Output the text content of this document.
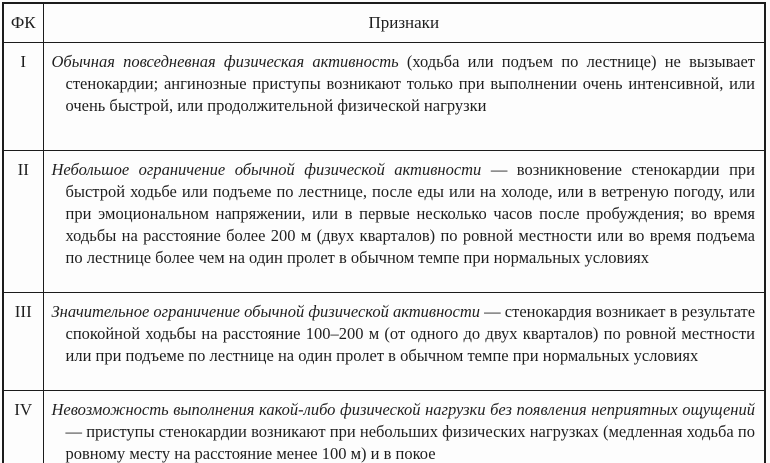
ФК	Признаки
I	Обычная повседневная физическая активность (ходьба или подъем по лестнице) не вызывает стенокардии; ангинозные приступы возникают только при выполнении очень интенсивной, или очень быстрой, или продолжительной физической нагрузки

II	Небольшое ограничение обычной физической активности — возникновение стенокардии при быстрой ходьбе или подъеме по лестнице, после еды или на холоде, или в ветреную погоду, или при эмоциональном напряжении, или в первые несколько часов после пробуждения; во время ходьбы на расстояние более 200 м (двух кварталов) по ровной местности или во время подъема по лестнице более чем на один пролет в обычном темпе при нормальных условиях

III	Значительное ограничение обычной физической активности — стенокардия возникает в результате спокойной ходьбы на расстояние 100–200 м (от одного до двух кварталов) по ровной местности или при подъеме по лестнице на один пролет в обычном темпе при нормальных условиях

IV	Невозможность выполнения какой-либо физической нагрузки без появления неприятных ощущений — приступы стенокардии возникают при небольших физических нагрузках (медленная ходьба по ровному месту на расстояние менее 100 м) и в покое
